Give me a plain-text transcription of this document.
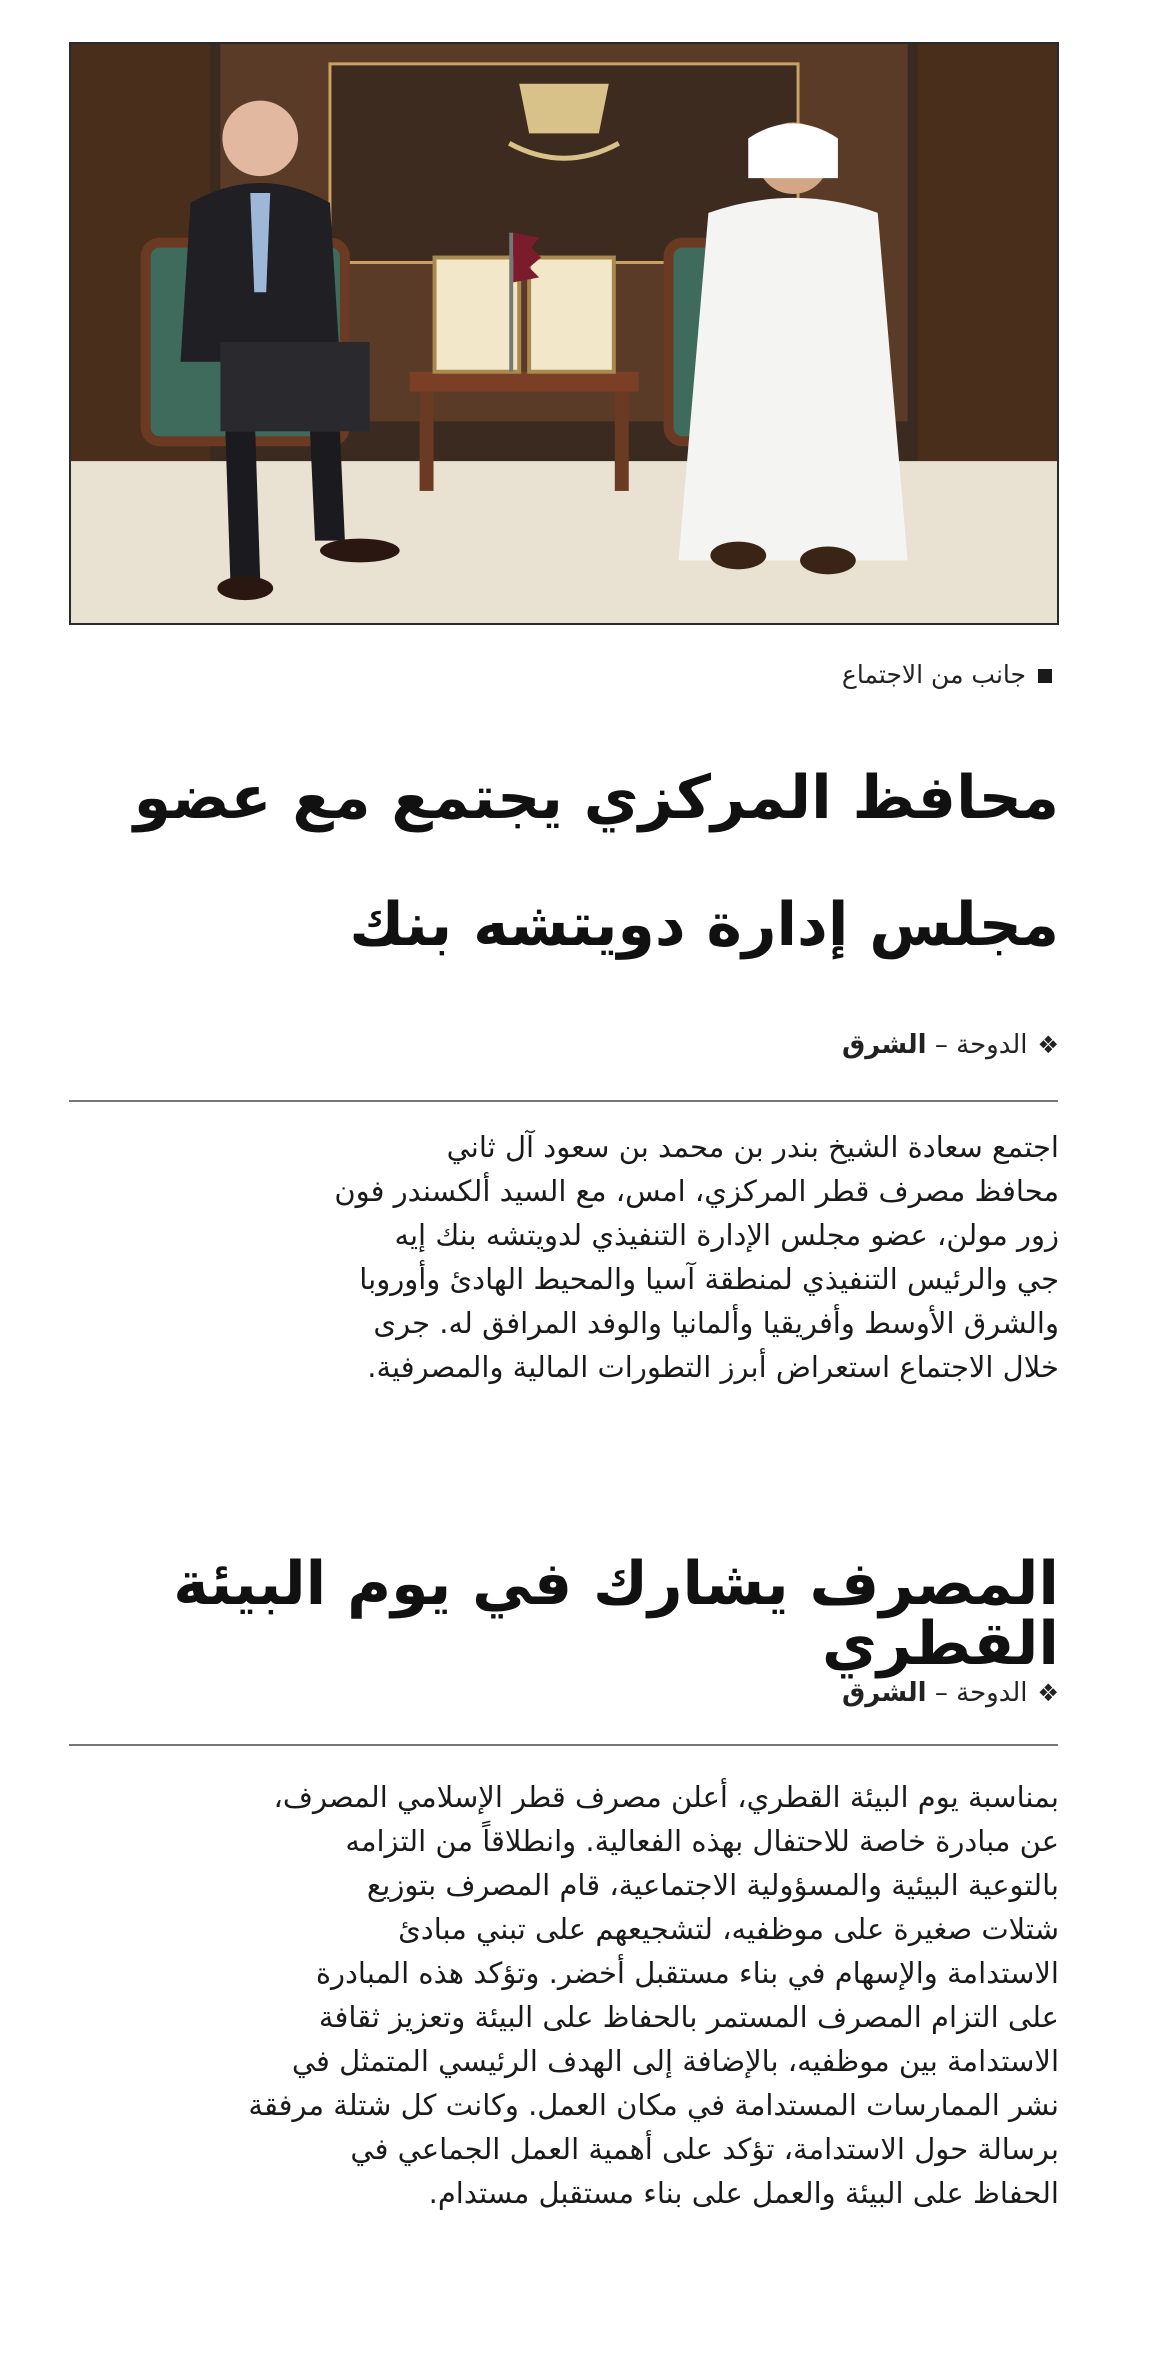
جانب من الاجتماع
محافظ المركزي يجتمع مع عضو
مجلس إدارة دويتشه بنك
❖الدوحة – الشرق
اجتمع سعادة الشيخ بندر بن محمد بن سعود آل ثاني
محافظ مصرف قطر المركزي، امس، مع السيد ألكسندر فون
زور مولن، عضو مجلس الإدارة التنفيذي لدويتشه بنك إيه
جي والرئيس التنفيذي لمنطقة آسيا والمحيط الهادئ وأوروبا
والشرق الأوسط وأفريقيا وألمانيا والوفد المرافق له. جرى
خلال الاجتماع استعراض أبرز التطورات المالية والمصرفية.
المصرف يشارك في يوم البيئة القطري
❖الدوحة – الشرق
بمناسبة يوم البيئة القطري، أعلن مصرف قطر الإسلامي المصرف،
عن مبادرة خاصة للاحتفال بهذه الفعالية. وانطلاقاً من التزامه
بالتوعية البيئية والمسؤولية الاجتماعية، قام المصرف بتوزيع
شتلات صغيرة على موظفيه، لتشجيعهم على تبني مبادئ
الاستدامة والإسهام في بناء مستقبل أخضر. وتؤكد هذه المبادرة
على التزام المصرف المستمر بالحفاظ على البيئة وتعزيز ثقافة
الاستدامة بين موظفيه، بالإضافة إلى الهدف الرئيسي المتمثل في
نشر الممارسات المستدامة في مكان العمل. وكانت كل شتلة مرفقة
برسالة حول الاستدامة، تؤكد على أهمية العمل الجماعي في
الحفاظ على البيئة والعمل على بناء مستقبل مستدام.
